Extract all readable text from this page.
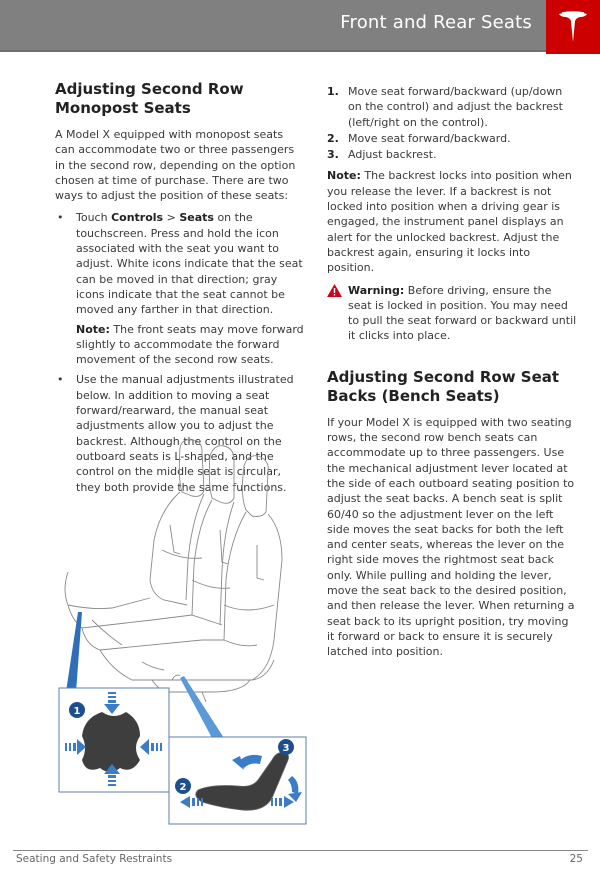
Front and Rear Seats
Adjusting Second Row Monopost Seats

A Model X equipped with monopost seats can accommodate two or three passengers in the second row, depending on the option chosen at time of purchase. There are two ways to adjust the position of these seats:

• Touch Controls > Seats on the touchscreen. Press and hold the icon associated with the seat you want to adjust. White icons indicate that the seat can be moved in that direction; gray icons indicate that the seat cannot be moved any farther in that direction.
Note: The front seats may move forward slightly to accommodate the forward movement of the second row seats.
• Use the manual adjustments illustrated below. In addition to moving a seat forward/rearward, the manual seat adjustments allow you to adjust the backrest. Although the control on the outboard seats is L-shaped, and the control on the middle seat is circular, they both provide the same functions.
1
2
3
1. Move seat forward/backward (up/down on the control) and adjust the backrest (left/right on the control).
2. Move seat forward/backward.
3. Adjust backrest.

Note: The backrest locks into position when you release the lever. If a backrest is not locked into position when a driving gear is engaged, the instrument panel displays an alert for the unlocked backrest. Adjust the backrest again, ensuring it locks into position.

Warning: Before driving, ensure the seat is locked in position. You may need to pull the seat forward or backward until it clicks into place.
Adjusting Second Row Seat Backs (Bench Seats)

If your Model X is equipped with two seating rows, the second row bench seats can accommodate up to three passengers. Use the mechanical adjustment lever located at the side of each outboard seating position to adjust the seat backs. A bench seat is split 60/40 so the adjustment lever on the left side moves the seat backs for both the left and center seats, whereas the lever on the right side moves the rightmost seat back only. While pulling and holding the lever, move the seat back to the desired position, and then release the lever. When returning a seat back to its upright position, try moving it forward or back to ensure it is securely latched into position.

Seating and Safety Restraints	25
